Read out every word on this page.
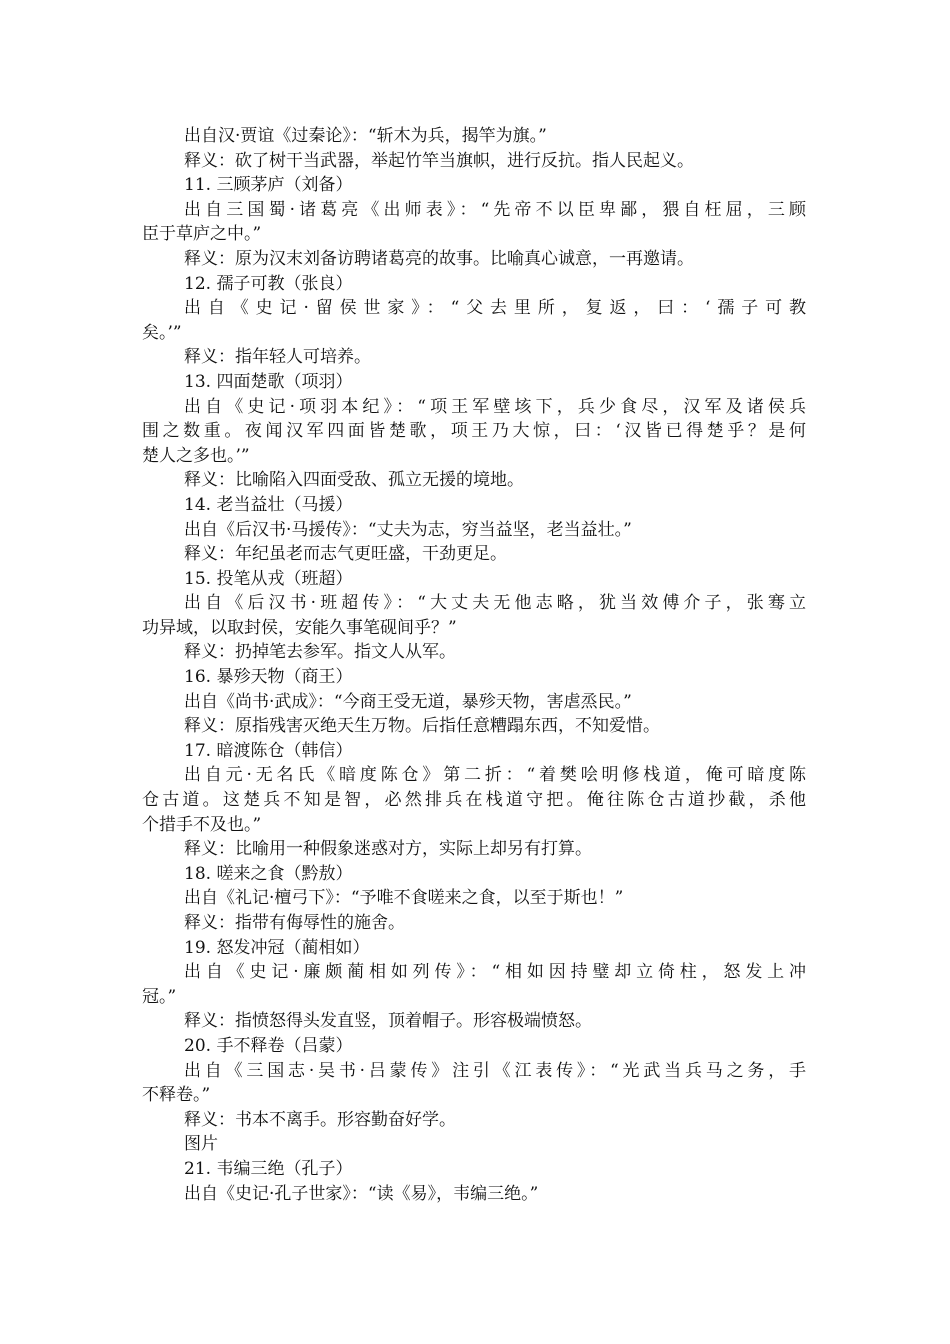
出自汉·贾谊《过秦论》：“斩木为兵，揭竿为旗。”
释义：砍了树干当武器，举起竹竿当旗帜，进行反抗。指人民起义。
11. 三顾茅庐（刘备）
出自三国蜀·诸葛亮《出师表》：“先帝不以臣卑鄙，猥自枉屈，三顾
臣于草庐之中。”
释义：原为汉末刘备访聘诸葛亮的故事。比喻真心诚意，一再邀请。
12. 孺子可教（张良）
出自《史记·留侯世家》：“父去里所，复返，曰：‘孺子可教
矣。’”
释义：指年轻人可培养。
13. 四面楚歌（项羽）
出自《史记·项羽本纪》：“项王军壁垓下，兵少食尽，汉军及诸侯兵
围之数重。夜闻汉军四面皆楚歌，项王乃大惊，曰：‘汉皆已得楚乎？是何
楚人之多也。’”
释义：比喻陷入四面受敌、孤立无援的境地。
14. 老当益壮（马援）
出自《后汉书·马援传》：“丈夫为志，穷当益坚，老当益壮。”
释义：年纪虽老而志气更旺盛，干劲更足。
15. 投笔从戎（班超）
出自《后汉书·班超传》：“大丈夫无他志略，犹当效傅介子，张骞立
功异域，以取封侯，安能久事笔砚间乎？”
释义：扔掉笔去参军。指文人从军。
16. 暴殄天物（商王）
出自《尚书·武成》：“今商王受无道，暴殄天物，害虐烝民。”
释义：原指残害灭绝天生万物。后指任意糟蹋东西，不知爱惜。
17. 暗渡陈仓（韩信）
出自元·无名氏《暗度陈仓》第二折：“着樊哙明修栈道，俺可暗度陈
仓古道。这楚兵不知是智，必然排兵在栈道守把。俺往陈仓古道抄截，杀他
个措手不及也。”
释义：比喻用一种假象迷惑对方，实际上却另有打算。
18. 嗟来之食（黔敖）
出自《礼记·檀弓下》：“予唯不食嗟来之食，以至于斯也！”
释义：指带有侮辱性的施舍。
19. 怒发冲冠（蔺相如）
出自《史记·廉颇蔺相如列传》：“相如因持璧却立倚柱，怒发上冲
冠。”
释义：指愤怒得头发直竖，顶着帽子。形容极端愤怒。
20. 手不释卷（吕蒙）
出自《三国志·吴书·吕蒙传》注引《江表传》：“光武当兵马之务，手
不释卷。”
释义：书本不离手。形容勤奋好学。
图片
21. 韦编三绝（孔子）
出自《史记·孔子世家》：“读《易》，韦编三绝。”
